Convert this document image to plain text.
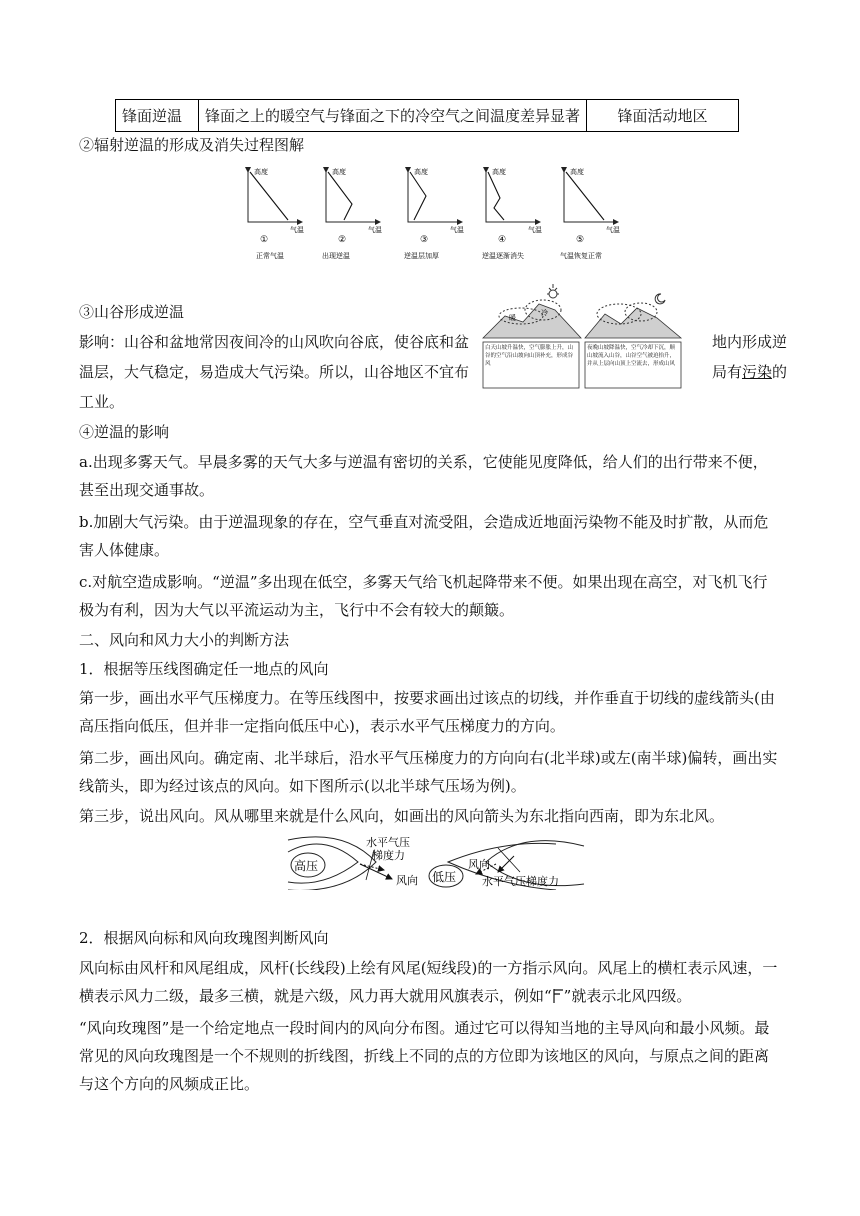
锋面逆温	锋面之上的暖空气与锋面之下的冷空气之间温度差异显著	锋面活动地区

②辐射逆温的形成及消失过程图解

高度
气温
①
正常气温
高度
气温
②
出现逆温
高度
气温
③
逆温层加厚
高度
气温
④
逆温逐渐消失
高度
气温
⑤
气温恢复正常

③山谷形成逆温

影响：山谷和盆地常因夜间冷的山风吹向谷底，使谷底和盆	地内形成逆

温层，大气稳定，易造成大气污染。所以，山谷地区不宜布	局有污染的

工业。

暖
冷
白天山坡升温快，空气膨胀上升，山谷的空气沿山坡向山顶补充，形成谷风
夜晚山坡降温快，空气冷却下沉，顺山坡流入山谷，山谷空气被迫抬升，并从上层向山顶上空流去，形成山风

④逆温的影响

a.出现多雾天气。早晨多雾的天气大多与逆温有密切的关系，它使能见度降低，给人们的出行带来不便，甚至出现交通事故。

b.加剧大气污染。由于逆温现象的存在，空气垂直对流受阻，会造成近地面污染物不能及时扩散，从而危害人体健康。

c.对航空造成影响。“逆温”多出现在低空，多雾天气给飞机起降带来不便。如果出现在高空，对飞机飞行极为有利，因为大气以平流运动为主，飞行中不会有较大的颠簸。

二、风向和风力大小的判断方法

1．根据等压线图确定任一地点的风向

第一步，画出水平气压梯度力。在等压线图中，按要求画出过该点的切线，并作垂直于切线的虚线箭头(由高压指向低压，但并非一定指向低压中心)，表示水平气压梯度力的方向。

第二步，画出风向。确定南、北半球后，沿水平气压梯度力的方向向右(北半球)或左(南半球)偏转，画出实线箭头，即为经过该点的风向。如下图所示(以北半球气压场为例)。

第三步，说出风向。风从哪里来就是什么风向，如画出的风向箭头为东北指向西南，即为东北风。

高压
水平气压
梯度力
风向 低压
风向
水平气压梯度力

2．根据风向标和风向玫瑰图判断风向

风向标由风杆和风尾组成，风杆(长线段)上绘有风尾(短线段)的一方指示风向。风尾上的横杠表示风速，一横表示风力二级，最多三横，就是六级，风力再大就用风旗表示，例如“ ”就表示北风四级。

“风向玫瑰图”是一个给定地点一段时间内的风向分布图。通过它可以得知当地的主导风向和最小风频。最常见的风向玫瑰图是一个不规则的折线图，折线上不同的点的方位即为该地区的风向，与原点之间的距离与这个方向的风频成正比。
